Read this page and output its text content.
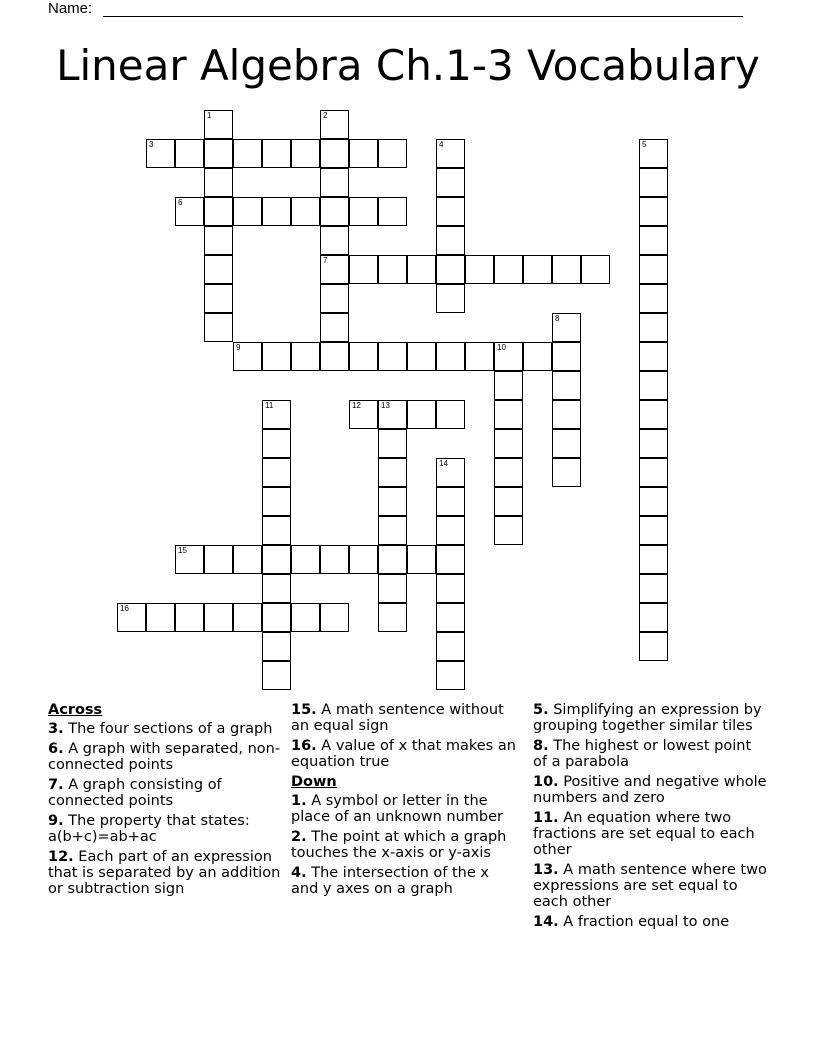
Name:
Linear Algebra Ch.1-3 Vocabulary
1	2
7
3	4	5
6
8
9	10
11	12	13
14
15
16
Across
3. The four sections of a graph
6. A graph with separated, non-connected points
7. A graph consisting of connected points
9. The property that states: a(b+c)=ab+ac
12. Each part of an expression that is separated by an addition or subtraction sign
15. A math sentence without an equal sign
16. A value of x that makes an equation true
Down
1. A symbol or letter in the place of an unknown number
2. The point at which a graph touches the x-axis or y-axis
4. The intersection of the x and y axes on a graph
5. Simplifying an expression by grouping together similar tiles
8. The highest or lowest point of a parabola
10. Positive and negative whole numbers and zero
11. An equation where two fractions are set equal to each other
13. A math sentence where two expressions are set equal to each other
14. A fraction equal to one
